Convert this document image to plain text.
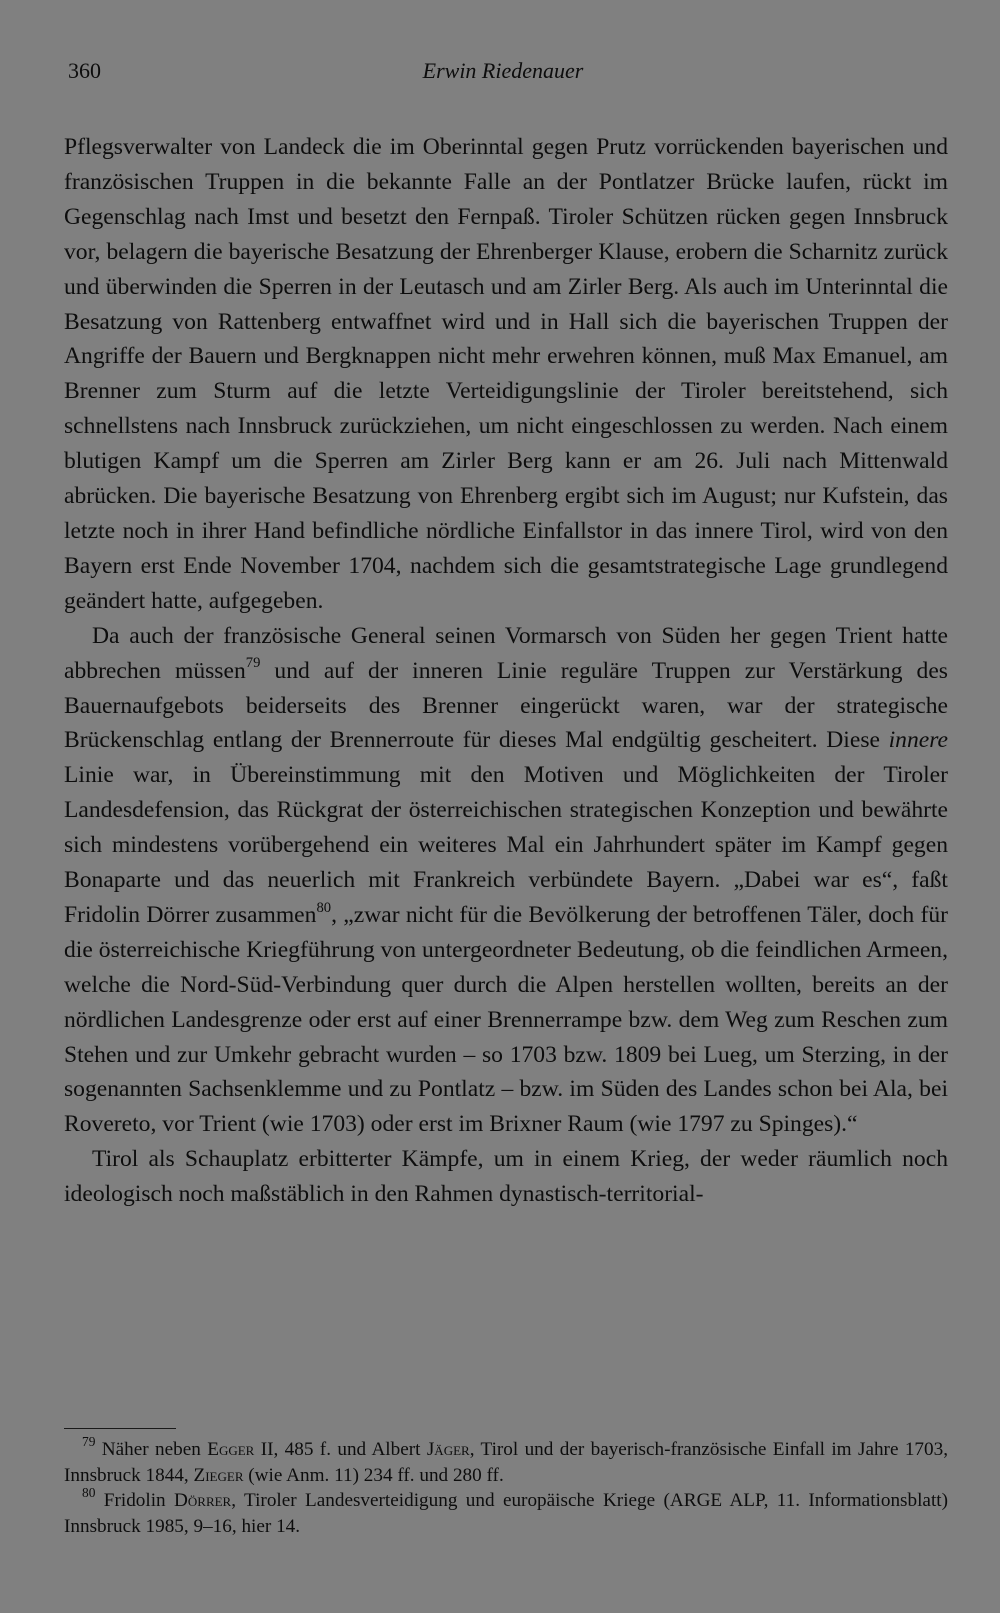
360	Erwin Riedenauer

Pflegsverwalter von Landeck die im Oberinntal gegen Prutz vorrückenden bayerischen und französischen Truppen in die bekannte Falle an der Pontlatzer Brücke laufen, rückt im Gegenschlag nach Imst und besetzt den Fernpaß. Tiroler Schützen rücken gegen Innsbruck vor, belagern die bayerische Besatzung der Ehrenberger Klause, erobern die Scharnitz zurück und überwinden die Sperren in der Leutasch und am Zirler Berg. Als auch im Unterinntal die Besatzung von Rattenberg entwaffnet wird und in Hall sich die bayerischen Truppen der Angriffe der Bauern und Bergknappen nicht mehr erwehren können, muß Max Emanuel, am Brenner zum Sturm auf die letzte Verteidigungslinie der Tiroler bereitstehend, sich schnellstens nach Innsbruck zurückziehen, um nicht eingeschlossen zu werden. Nach einem blutigen Kampf um die Sperren am Zirler Berg kann er am 26. Juli nach Mittenwald abrücken. Die bayerische Besatzung von Ehrenberg ergibt sich im August; nur Kufstein, das letzte noch in ihrer Hand befindliche nördliche Einfallstor in das innere Tirol, wird von den Bayern erst Ende November 1704, nachdem sich die gesamtstrategische Lage grundlegend geändert hatte, aufgegeben.

Da auch der französische General seinen Vormarsch von Süden her gegen Trient hatte abbrechen müssen$^{79}$ und auf der inneren Linie reguläre Truppen zur Verstärkung des Bauernaufgebots beiderseits des Brenner eingerückt waren, war der strategische Brückenschlag entlang der Brennerroute für dieses Mal endgültig gescheitert. Diese innere Linie war, in Übereinstimmung mit den Motiven und Möglichkeiten der Tiroler Landesdefension, das Rückgrat der österreichischen strategischen Konzeption und bewährte sich mindestens vorübergehend ein weiteres Mal ein Jahrhundert später im Kampf gegen Bonaparte und das neuerlich mit Frankreich verbündete Bayern. „Dabei war es“, faßt Fridolin Dörrer zusammen$^{80}$, „zwar nicht für die Bevölkerung der betroffenen Täler, doch für die österreichische Kriegführung von untergeordneter Bedeutung, ob die feindlichen Armeen, welche die Nord-Süd-Verbindung quer durch die Alpen herstellen wollten, bereits an der nördlichen Landesgrenze oder erst auf einer Brennerrampe bzw. dem Weg zum Reschen zum Stehen und zur Umkehr gebracht wurden – so 1703 bzw. 1809 bei Lueg, um Sterzing, in der sogenannten Sachsenklemme und zu Pontlatz – bzw. im Süden des Landes schon bei Ala, bei Rovereto, vor Trient (wie 1703) oder erst im Brixner Raum (wie 1797 zu Spinges).“

Tirol als Schauplatz erbitterter Kämpfe, um in einem Krieg, der weder räumlich noch ideologisch noch maßstäblich in den Rahmen dynastisch-territorial-

$^{79}$ Näher neben Egger II, 485 f. und Albert Jäger, Tirol und der bayerisch-französische Einfall im Jahre 1703, Innsbruck 1844, Zieger (wie Anm. 11) 234 ff. und 280 ff.

$^{80}$ Fridolin Dörrer, Tiroler Landesverteidigung und europäische Kriege (ARGE ALP, 11. Informationsblatt) Innsbruck 1985, 9–16, hier 14.
